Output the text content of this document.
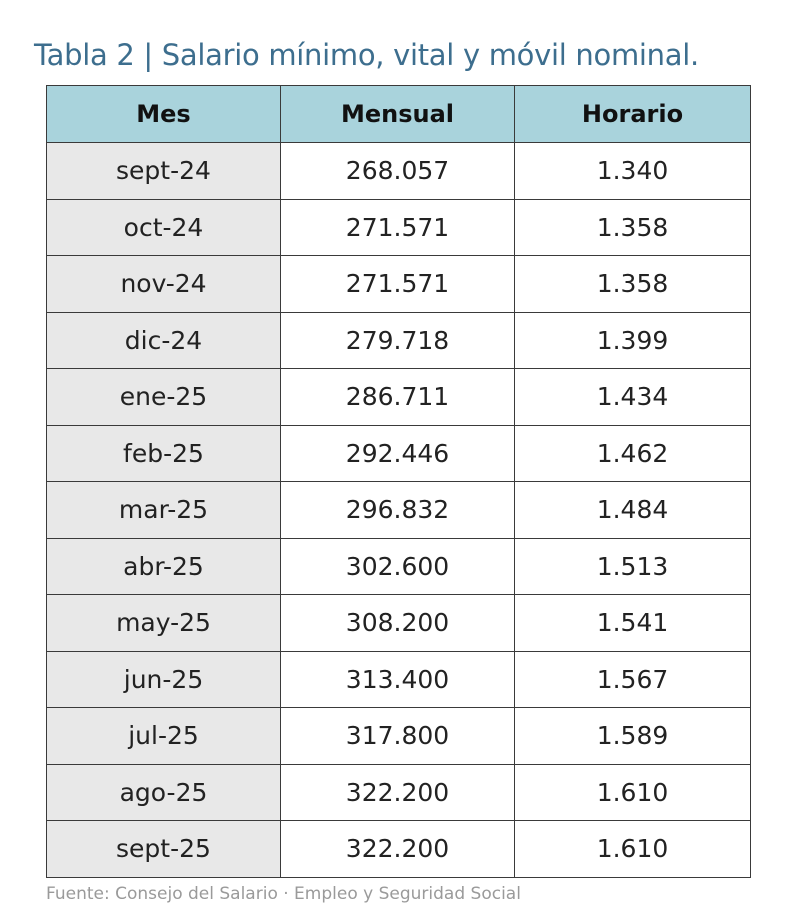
Tabla 2 | Salario mínimo, vital y móvil nominal.
Mes	Mensual	Horario
sept-24	268.057	1.340
oct-24	271.571	1.358
nov-24	271.571	1.358
dic-24	279.718	1.399
ene-25	286.711	1.434
feb-25	292.446	1.462
mar-25	296.832	1.484
abr-25	302.600	1.513
may-25	308.200	1.541
jun-25	313.400	1.567
jul-25	317.800	1.589
ago-25	322.200	1.610
sept-25	322.200	1.610
Fuente: Consejo del Salario · Empleo y Seguridad Social
